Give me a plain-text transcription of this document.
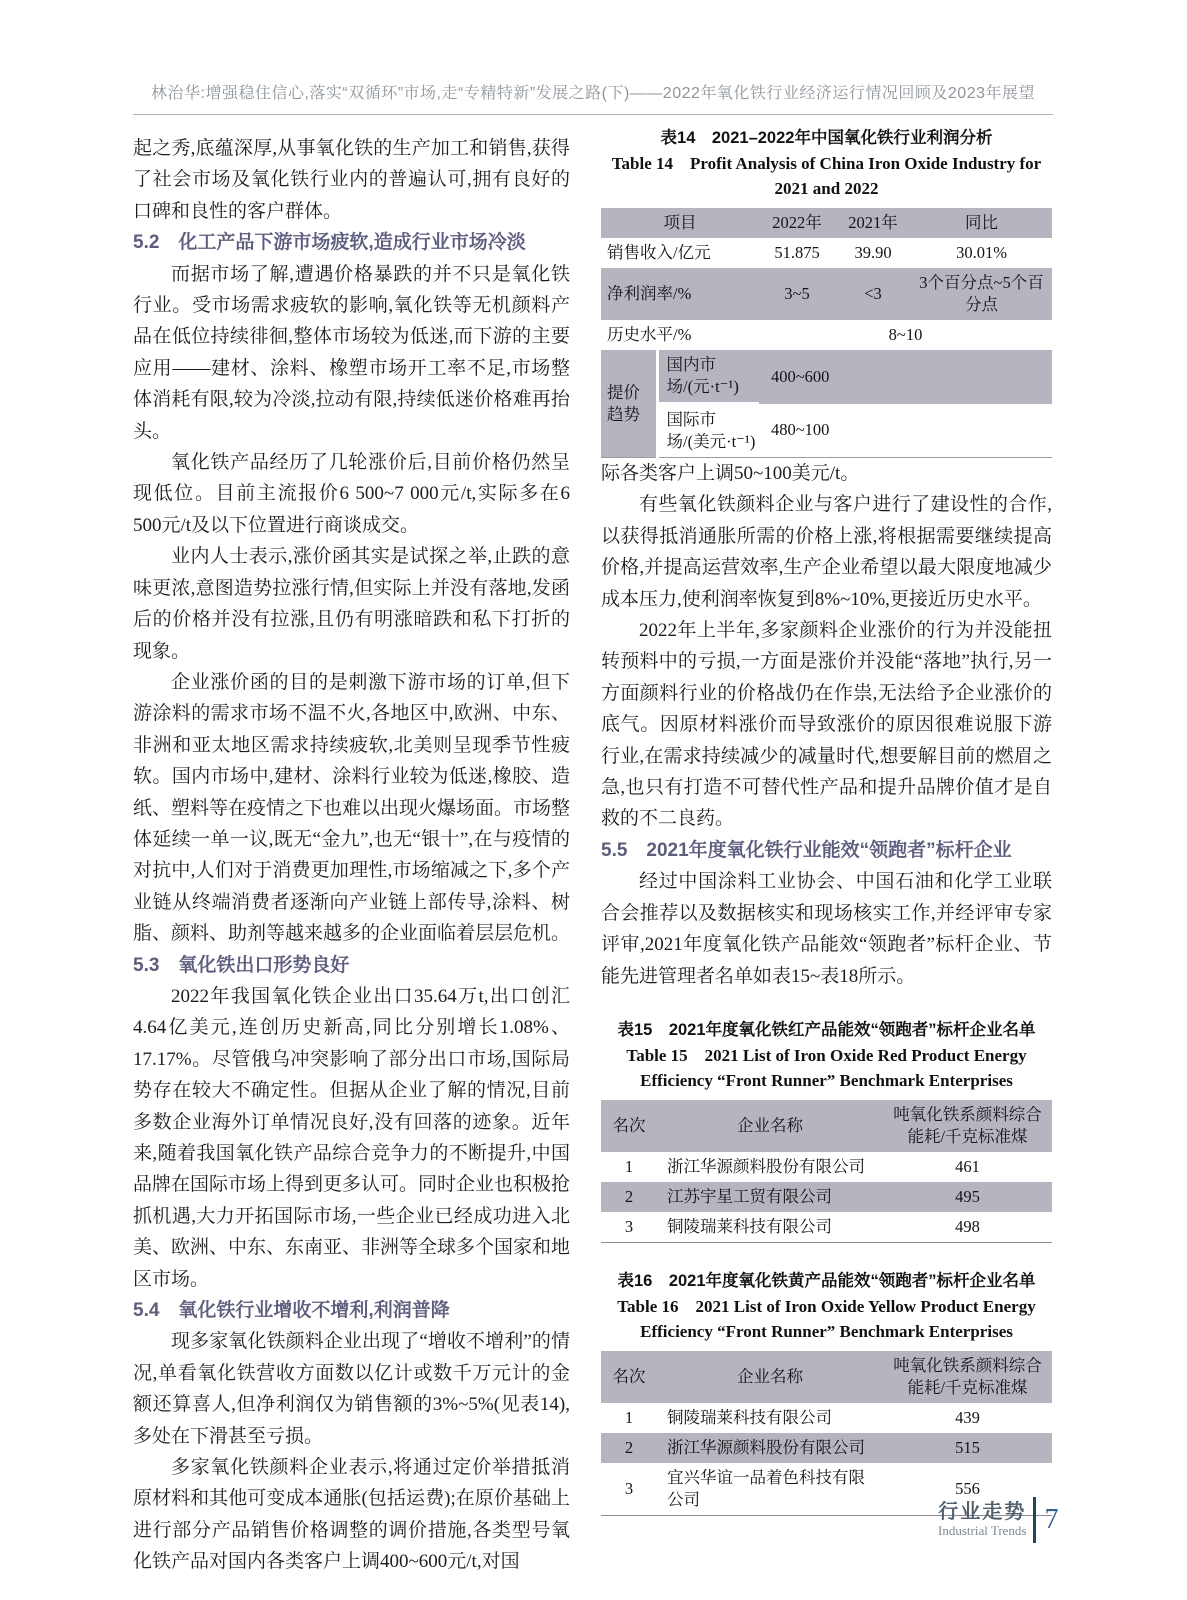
林治华:增强稳住信心,落实“双循环”市场,走“专精特新”发展之路(下)——2022年氧化铁行业经济运行情况回顾及2023年展望

起之秀,底蕴深厚,从事氧化铁的生产加工和销售,获得了社会市场及氧化铁行业内的普遍认可,拥有良好的口碑和良性的客户群体。

5.2　化工产品下游市场疲软,造成行业市场冷淡

而据市场了解,遭遇价格暴跌的并不只是氧化铁行业。受市场需求疲软的影响,氧化铁等无机颜料产品在低位持续徘徊,整体市场较为低迷,而下游的主要应用——建材、涂料、橡塑市场开工率不足,市场整体消耗有限,较为冷淡,拉动有限,持续低迷价格难再抬头。

氧化铁产品经历了几轮涨价后,目前价格仍然呈现低位。目前主流报价6 500~7 000元/t,实际多在6 500元/t及以下位置进行商谈成交。

业内人士表示,涨价函其实是试探之举,止跌的意味更浓,意图造势拉涨行情,但实际上并没有落地,发函后的价格并没有拉涨,且仍有明涨暗跌和私下打折的现象。

企业涨价函的目的是刺激下游市场的订单,但下游涂料的需求市场不温不火,各地区中,欧洲、中东、非洲和亚太地区需求持续疲软,北美则呈现季节性疲软。国内市场中,建材、涂料行业较为低迷,橡胶、造纸、塑料等在疫情之下也难以出现火爆场面。市场整体延续一单一议,既无“金九”,也无“银十”,在与疫情的对抗中,人们对于消费更加理性,市场缩减之下,多个产业链从终端消费者逐渐向产业链上部传导,涂料、树脂、颜料、助剂等越来越多的企业面临着层层危机。

5.3　氧化铁出口形势良好

2022年我国氧化铁企业出口35.64万t,出口创汇4.64亿美元,连创历史新高,同比分别增长1.08%、17.17%。尽管俄乌冲突影响了部分出口市场,国际局势存在较大不确定性。但据从企业了解的情况,目前多数企业海外订单情况良好,没有回落的迹象。近年来,随着我国氧化铁产品综合竞争力的不断提升,中国品牌在国际市场上得到更多认可。同时企业也积极抢抓机遇,大力开拓国际市场,一些企业已经成功进入北美、欧洲、中东、东南亚、非洲等全球多个国家和地区市场。

5.4　氧化铁行业增收不增利,利润普降

现多家氧化铁颜料企业出现了“增收不增利”的情况,单看氧化铁营收方面数以亿计或数千万元计的金额还算喜人,但净利润仅为销售额的3%~5%(见表14),多处在下滑甚至亏损。

多家氧化铁颜料企业表示,将通过定价举措抵消原材料和其他可变成本通胀(包括运费);在原价基础上进行部分产品销售价格调整的调价措施,各类型号氧化铁产品对国内各类客户上调400~600元/t,对国

表14　2021–2022年中国氧化铁行业利润分析
Table 14　Profit Analysis of China Iron Oxide Industry for 2021 and 2022
项目		2022年	2021年	同比
销售收入/亿元		51.875	39.90	30.01%
净利润率/%		3~5	<3	3个百分点~5个百分点
历史水平/%		8~10		
提价趋势	国内市场/(元·t⁻¹)	400~600		
	国际市场/(美元·t⁻¹)	480~100		

际各类客户上调50~100美元/t。

有些氧化铁颜料企业与客户进行了建设性的合作,以获得抵消通胀所需的价格上涨,将根据需要继续提高价格,并提高运营效率,生产企业希望以最大限度地减少成本压力,使利润率恢复到8%~10%,更接近历史水平。

2022年上半年,多家颜料企业涨价的行为并没能扭转预料中的亏损,一方面是涨价并没能“落地”执行,另一方面颜料行业的价格战仍在作祟,无法给予企业涨价的底气。因原材料涨价而导致涨价的原因很难说服下游行业,在需求持续减少的减量时代,想要解目前的燃眉之急,也只有打造不可替代性产品和提升品牌价值才是自救的不二良药。

5.5　2021年度氧化铁行业能效“领跑者”标杆企业

经过中国涂料工业协会、中国石油和化学工业联合会推荐以及数据核实和现场核实工作,并经评审专家评审,2021年度氧化铁产品能效“领跑者”标杆企业、节能先进管理者名单如表15~表18所示。

表15　2021年度氧化铁红产品能效“领跑者”标杆企业名单
Table 15　2021 List of Iron Oxide Red Product Energy Efficiency “Front Runner” Benchmark Enterprises
名次	企业名称	吨氧化铁系颜料综合能耗/千克标准煤
1	浙江华源颜料股份有限公司	461
2	江苏宇星工贸有限公司	495
3	铜陵瑞莱科技有限公司	498
表16　2021年度氧化铁黄产品能效“领跑者”标杆企业名单
Table 16　2021 List of Iron Oxide Yellow Product Energy Efficiency “Front Runner” Benchmark Enterprises
名次	企业名称	吨氧化铁系颜料综合能耗/千克标准煤
1	铜陵瑞莱科技有限公司	439
2	浙江华源颜料股份有限公司	515
3	宜兴华谊一品着色科技有限公司	556
行业走势
Industrial Trends 7
